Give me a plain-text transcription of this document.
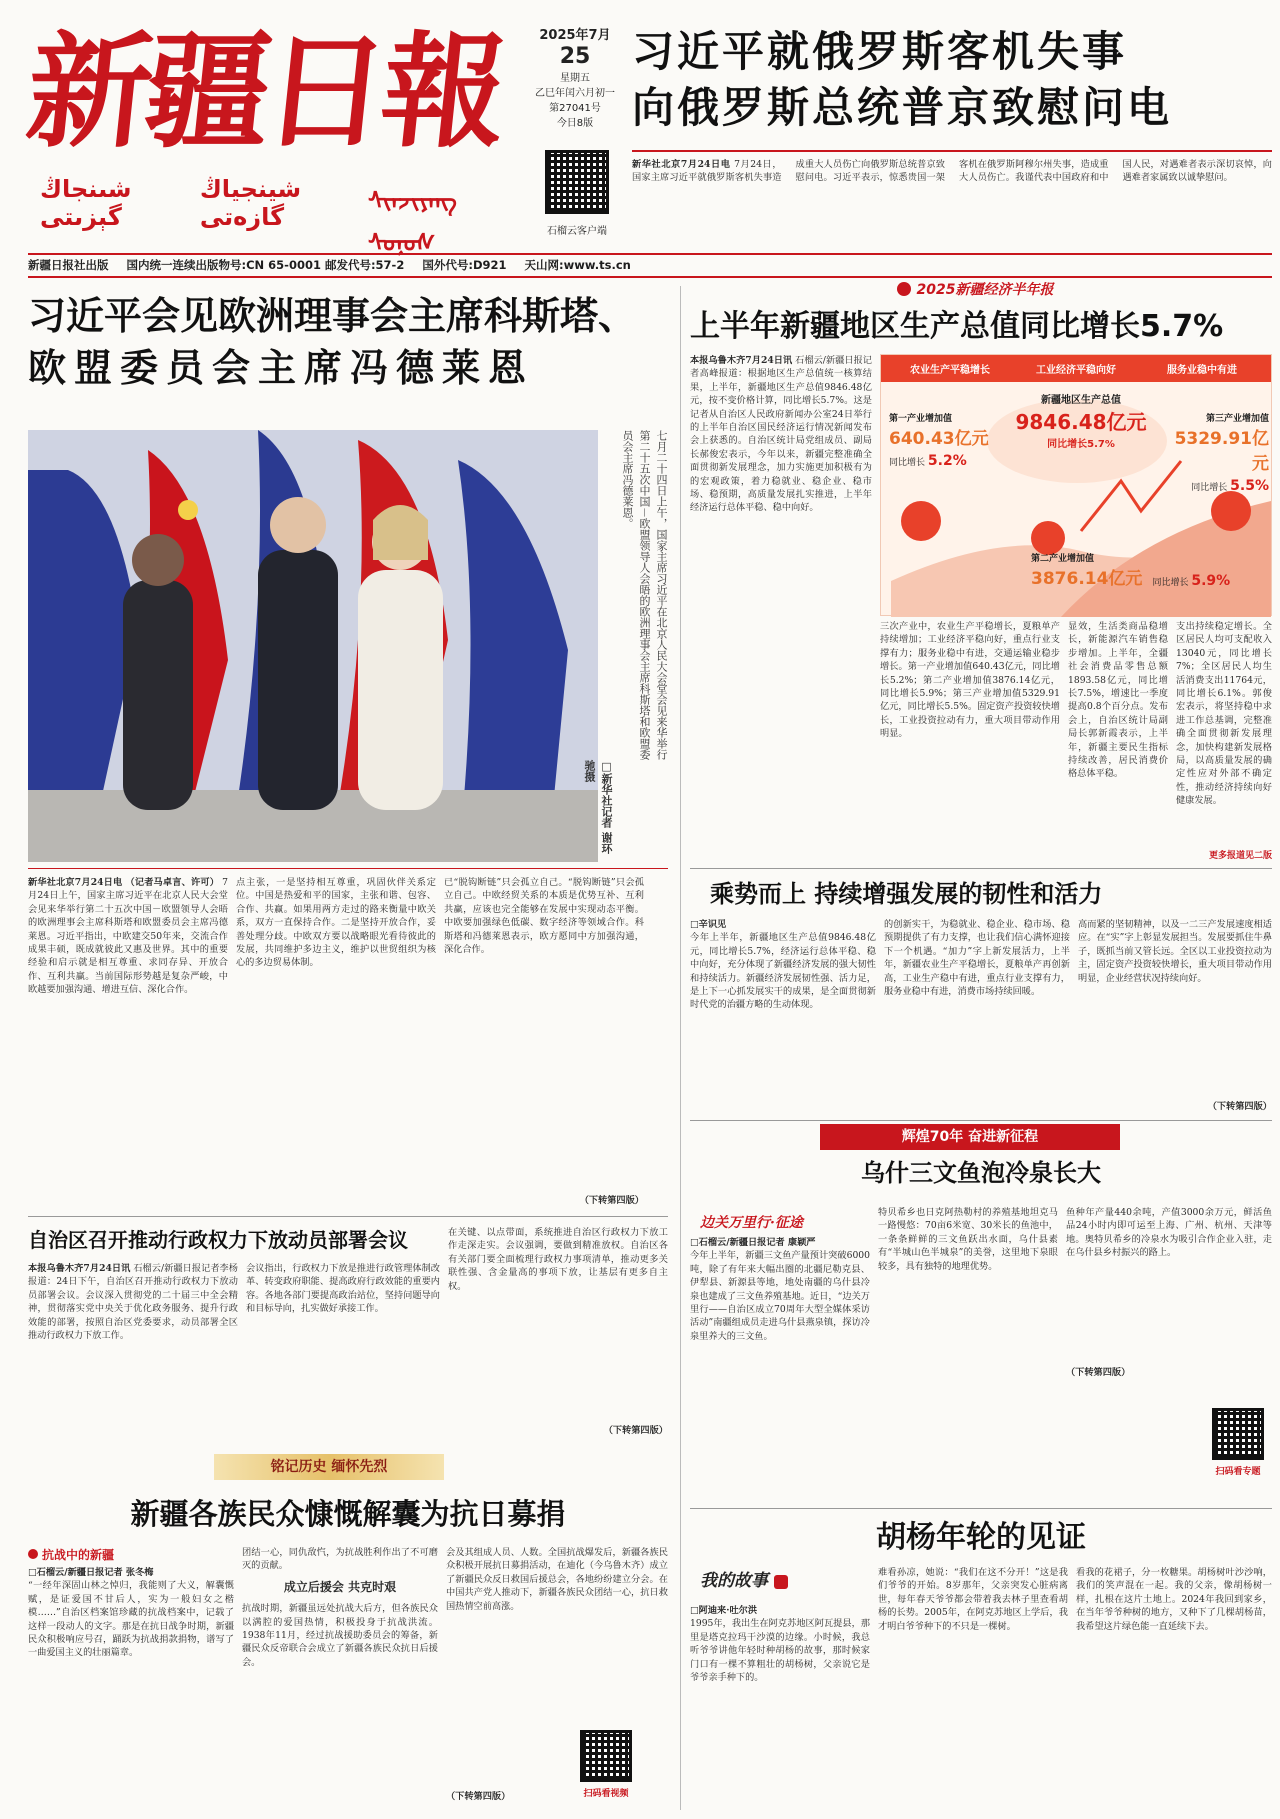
新疆日報
شىنجاڭ گېزىتى
شينجياڭ گازەتى
ᠰᠢᠨᠵᠢᠶᠠᠩ ᠰᠣᠨᠣᠰ
2025年7月
25
星期五
乙巳年闰六月初一
第27041号
今日8版
石榴云客户端
习近平就俄罗斯客机失事
向俄罗斯总统普京致慰问电
新华社北京7月24日电 7月24日，国家主席习近平就俄罗斯客机失事造成重大人员伤亡向俄罗斯总统普京致慰问电。习近平表示，惊悉贵国一架客机在俄罗斯阿穆尔州失事，造成重大人员伤亡。我谨代表中国政府和中国人民，对遇难者表示深切哀悼，向遇难者家属致以诚挚慰问。
新疆日报社出版 国内统一连续出版物号:CN 65-0001 邮发代号:57-2 国外代号:D921 天山网:www.ts.cn
习近平会见欧洲理事会主席科斯塔、
欧盟委员会主席冯德莱恩
七月二十四日上午，国家主席习近平在北京人民大会堂会见来华举行第二十五次中国－欧盟领导人会晤的欧洲理事会主席科斯塔和欧盟委员会主席冯德莱恩。
□新华社记者 谢环驰摄
新华社北京7月24日电 （记者马卓言、许可） 7月24日上午，国家主席习近平在北京人民大会堂会见来华举行第二十五次中国－欧盟领导人会晤的欧洲理事会主席科斯塔和欧盟委员会主席冯德莱恩。习近平指出，中欧建交50年来，交流合作成果丰硕，既成就彼此又惠及世界。其中的重要经验和启示就是相互尊重、求同存异、开放合作、互利共赢。当前国际形势越是复杂严峻，中欧越要加强沟通、增进互信、深化合作。
点主张，一是坚持相互尊重，巩固伙伴关系定位。中国是热爱和平的国家，主张和谐、包容、合作、共赢。如果用两方走过的路来衡量中欧关系，双方一直保持合作。二是坚持开放合作，妥善处理分歧。中欧双方要以战略眼光看待彼此的发展，共同维护多边主义，维护以世贸组织为核心的多边贸易体制。
已“脱钩断链”只会孤立自己。“脱钩断链”只会孤立自己。中欧经贸关系的本质是优势互补、互利共赢，应该也完全能够在发展中实现动态平衡。中欧要加强绿色低碳、数字经济等领域合作。科斯塔和冯德莱恩表示，欧方愿同中方加强沟通，深化合作。
（下转第四版）
2025新疆经济半年报
上半年新疆地区生产总值同比增长5.7%
本报乌鲁木齐7月24日讯 石榴云/新疆日报记者高峰报道：根据地区生产总值统一核算结果，上半年，新疆地区生产总值9846.48亿元，按不变价格计算，同比增长5.7%。这是记者从自治区人民政府新闻办公室24日举行的上半年自治区国民经济运行情况新闻发布会上获悉的。自治区统计局党组成员、副局长郝俊宏表示，今年以来，新疆完整准确全面贯彻新发展理念，加力实施更加积极有为的宏观政策，着力稳就业、稳企业、稳市场、稳预期，高质量发展扎实推进，上半年经济运行总体平稳、稳中向好。
三次产业中，农业生产平稳增长，夏粮单产持续增加；工业经济平稳向好，重点行业支撑有力；服务业稳中有进，交通运输业稳步增长。第一产业增加值640.43亿元，同比增长5.2%；第二产业增加值3876.14亿元，同比增长5.9%；第三产业增加值5329.91亿元，同比增长5.5%。固定资产投资较快增长，工业投资拉动有力，重大项目带动作用明显。
农业生产平稳增长	工业经济平稳向好	服务业稳中有进
新疆地区生产总值
9846.48亿元
同比增长5.7%
第一产业增加值
640.43亿元
同比增长 5.2%
第三产业增加值
5329.91亿元
同比增长 5.5%
第二产业增加值
3876.14亿元 同比增长 5.9%
显效，生活类商品稳增长，新能源汽车销售稳步增加。上半年，全疆社会消费品零售总额1893.58亿元，同比增长7.5%，增速比一季度提高0.8个百分点。发布会上，自治区统计局副局长郭新霞表示，上半年，新疆主要民生指标持续改善，居民消费价格总体平稳。
支出持续稳定增长。全区居民人均可支配收入13040元，同比增长7%；全区居民人均生活消费支出11764元，同比增长6.1%。郭俊宏表示，将坚持稳中求进工作总基调，完整准确全面贯彻新发展理念，加快构建新发展格局，以高质量发展的确定性应对外部不确定性，推动经济持续向好健康发展。
更多报道见二版
乘势而上 持续增强发展的韧性和活力
□辛识见
今年上半年，新疆地区生产总值9846.48亿元，同比增长5.7%，经济运行总体平稳、稳中向好，充分体现了新疆经济发展的强大韧性和持续活力。新疆经济发展韧性强、活力足，是上下一心抓发展实干的成果，是全面贯彻新时代党的治疆方略的生动体现。
的创新实干，为稳就业、稳企业、稳市场、稳预期提供了有力支撑，也让我们信心满怀迎接下一个机遇。“加力”字上新发展活力，上半年，新疆农业生产平稳增长，夏粮单产再创新高，工业生产稳中有进，重点行业支撑有力，服务业稳中有进，消费市场持续回暖。
高而紧的坚韧精神，以及一二三产发展速度相适应。在“实”字上彰显发展担当。发展要抓住牛鼻子，既抓当前又管长远。全区以工业投资拉动为主，固定资产投资较快增长，重大项目带动作用明显，企业经营状况持续向好。
（下转第四版）
辉煌70年 奋进新征程
乌什三文鱼泡冷泉长大
边关万里行·征途
□石榴云/新疆日报记者 康颖严
今年上半年，新疆三文鱼产量预计突破6000吨，除了有年来大幅出圈的北疆尼勒克县、伊犁县、新源县等地，地处南疆的乌什县冷泉也建成了三文鱼养殖基地。近日，“边关万里行——自治区成立70周年大型全媒体采访活动”南疆组成员走进乌什县燕泉镇，探访冷泉里养大的三文鱼。
特贝希乡也日克阿热勒村的养殖基地坦克马一路慢悠：70亩6米宽、30米长的鱼池中，一条条鲜鲜的三文鱼跃出水面，乌什县素有“半城山色半城泉”的美誉，这里地下泉眼较多，具有独特的地理优势。
鱼种年产量440余吨，产值3000余万元，鲜活鱼品24小时内即可运至上海、广州、杭州、天津等地。奥特贝希乡的冷泉水为吸引合作企业入驻，走在乌什县乡村振兴的路上。
（下转第四版）
扫码看专题
自治区召开推动行政权力下放动员部署会议
本报乌鲁木齐7月24日讯 石榴云/新疆日报记者李杨报道：24日下午，自治区召开推动行政权力下放动员部署会议。会议深入贯彻党的二十届三中全会精神，贯彻落实党中央关于优化政务服务、提升行政效能的部署，按照自治区党委要求，动员部署全区推动行政权力下放工作。
会议指出，行政权力下放是推进行政管理体制改革、转变政府职能、提高政府行政效能的重要内容。各地各部门要提高政治站位，坚持问题导向和目标导向，扎实做好承接工作。
在关键、以点带面，系统推进自治区行政权力下放工作走深走实。会议强调，要做到精准放权。自治区各有关部门要全面梳理行政权力事项清单，推动更多关联性强、含金量高的事项下放，让基层有更多自主权。
（下转第四版）
铭记历史 缅怀先烈
新疆各族民众慷慨解囊为抗日募捐
抗战中的新疆
□石榴云/新疆日报记者 张冬梅
“一经年深固山林之悼归，我能则了大义，解囊慨赋，是证爱国不甘后人，实为一般妇女之楷模……”自治区档案馆珍藏的抗战档案中，记载了这样一段动人的文字。那是在抗日战争时期，新疆民众积极响应号召，踊跃为抗战捐款捐物，谱写了一曲爱国主义的壮丽篇章。
团结一心，同仇敌忾，为抗战胜利作出了不可磨灭的贡献。
成立后援会 共克时艰
抗战时期，新疆虽远处抗战大后方，但各族民众以满腔的爱国热情，积极投身于抗战洪流。1938年11月，经过抗战援助委员会的筹备，新疆民众反帝联合会成立了新疆各族民众抗日后援会。
会及其组成人员、人数。全国抗战爆发后，新疆各族民众积极开展抗日募捐活动，在迪化（今乌鲁木齐）成立了新疆民众反日救国后援总会，各地纷纷建立分会。在中国共产党人推动下，新疆各族民众团结一心，抗日救国热情空前高涨。
扫码看视频
（下转第四版）
胡杨年轮的见证
我的故事
□阿迪来·吐尔洪
1995年，我出生在阿克苏地区阿瓦提县，那里是塔克拉玛干沙漠的边缘。小时候，我总听爷爷讲他年轻时种胡杨的故事，那时候家门口有一棵不算粗壮的胡杨树，父亲说它是爷爷亲手种下的。
难看孙凉，她说：“我们在这不分开！”这是我们爷爷的开始。8岁那年，父亲突发心脏病离世，每年春天爷爷都会带着我去林子里查看胡杨的长势。2005年，在阿克苏地区上学后，我才明白爷爷种下的不只是一棵树。
看我的花裙子，分一枚糖果。胡杨树叶沙沙响，我们的笑声混在一起。我的父亲，像胡杨树一样，扎根在这片土地上。2024年我回到家乡，在当年爷爷种树的地方，又种下了几棵胡杨苗，我希望这片绿色能一直延续下去。
